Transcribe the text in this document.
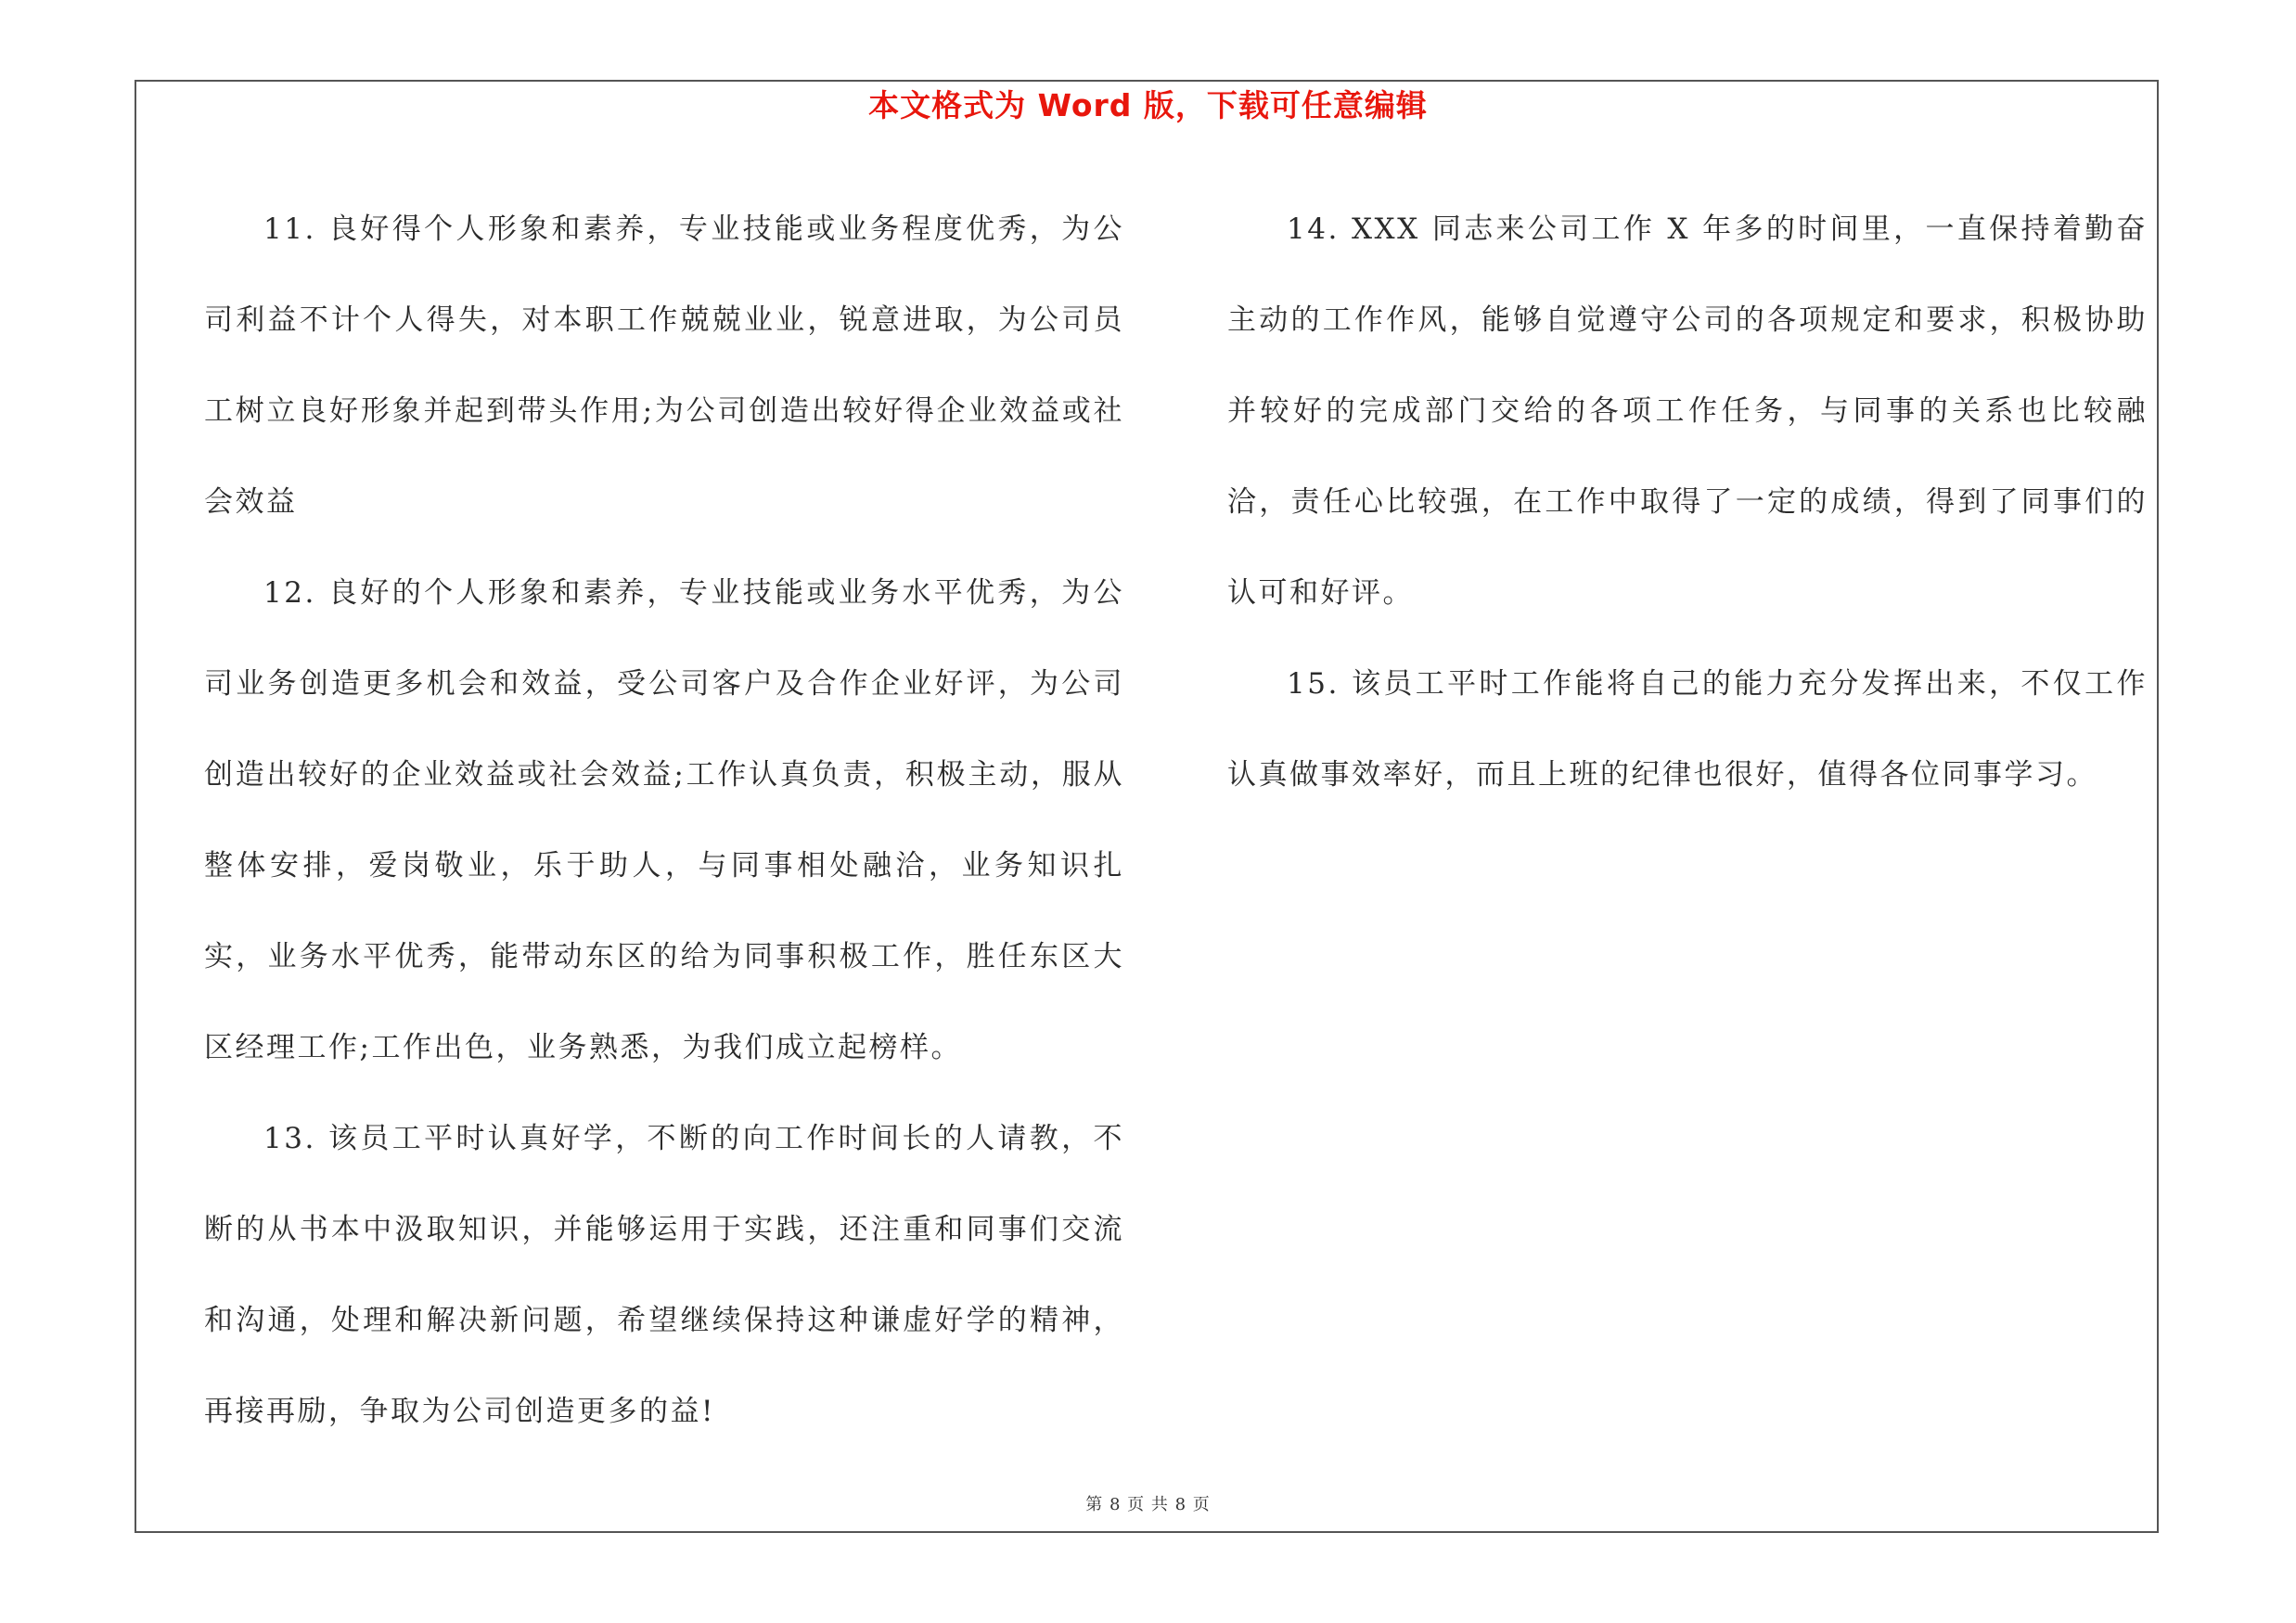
本文格式为 Word 版，下载可任意编辑

11. 良好得个人形象和素养，专业技能或业务程度优秀，为公司利益不计个人得失，对本职工作兢兢业业，锐意进取，为公司员工树立良好形象并起到带头作用;为公司创造出较好得企业效益或社会效益

12. 良好的个人形象和素养，专业技能或业务水平优秀，为公司业务创造更多机会和效益，受公司客户及合作企业好评，为公司创造出较好的企业效益或社会效益;工作认真负责，积极主动，服从整体安排，爱岗敬业，乐于助人，与同事相处融洽，业务知识扎实，业务水平优秀，能带动东区的给为同事积极工作，胜任东区大区经理工作;工作出色，业务熟悉，为我们成立起榜样。

13. 该员工平时认真好学，不断的向工作时间长的人请教，不断的从书本中汲取知识，并能够运用于实践，还注重和同事们交流和沟通，处理和解决新问题，希望继续保持这种谦虚好学的精神，再接再励，争取为公司创造更多的益!

14. XXX 同志来公司工作 X 年多的时间里，一直保持着勤奋主动的工作作风，能够自觉遵守公司的各项规定和要求，积极协助并较好的完成部门交给的各项工作任务，与同事的关系也比较融洽，责任心比较强，在工作中取得了一定的成绩，得到了同事们的认可和好评。

15. 该员工平时工作能将自己的能力充分发挥出来，不仅工作认真做事效率好，而且上班的纪律也很好，值得各位同事学习。

第 8 页 共 8 页
